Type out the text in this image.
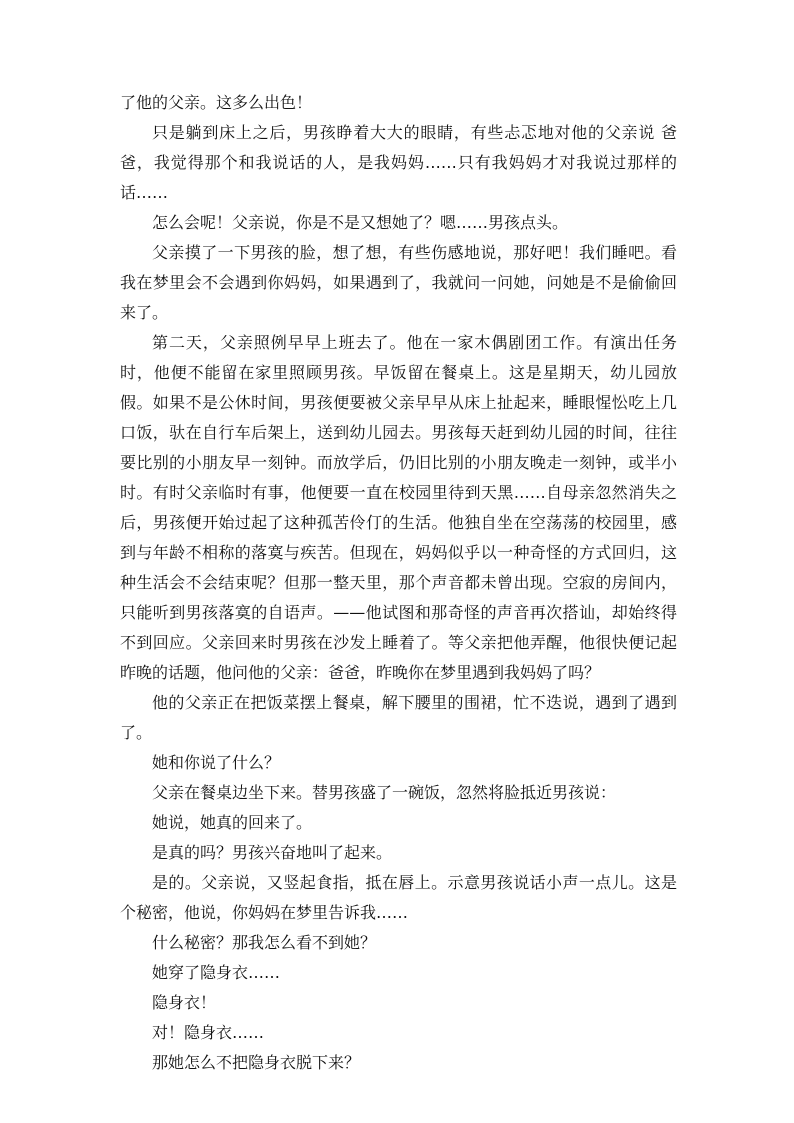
了他的父亲。这多么出色！

只是躺到床上之后，男孩睁着大大的眼睛，有些忐忑地对他的父亲说 爸爸，我觉得那个和我说话的人，是我妈妈……只有我妈妈才对我说过那样的话……

怎么会呢！父亲说，你是不是又想她了？嗯……男孩点头。

父亲摸了一下男孩的脸，想了想，有些伤感地说，那好吧！我们睡吧。看我在梦里会不会遇到你妈妈，如果遇到了，我就问一问她，问她是不是偷偷回来了。

第二天，父亲照例早早上班去了。他在一家木偶剧团工作。有演出任务时，他便不能留在家里照顾男孩。早饭留在餐桌上。这是星期天，幼儿园放假。如果不是公休时间，男孩便要被父亲早早从床上扯起来，睡眼惺忪吃上几口饭，驮在自行车后架上，送到幼儿园去。男孩每天赶到幼儿园的时间，往往要比别的小朋友早一刻钟。而放学后，仍旧比别的小朋友晚走一刻钟，或半小时。有时父亲临时有事，他便要一直在校园里待到天黑……自母亲忽然消失之后，男孩便开始过起了这种孤苦伶仃的生活。他独自坐在空荡荡的校园里，感到与年龄不相称的落寞与疾苦。但现在，妈妈似乎以一种奇怪的方式回归，这种生活会不会结束呢？但那一整天里，那个声音都未曾出现。空寂的房间内，只能听到男孩落寞的自语声。——他试图和那奇怪的声音再次搭讪，却始终得不到回应。父亲回来时男孩在沙发上睡着了。等父亲把他弄醒，他很快便记起昨晚的话题，他问他的父亲：爸爸，昨晚你在梦里遇到我妈妈了吗？

他的父亲正在把饭菜摆上餐桌，解下腰里的围裙，忙不迭说，遇到了遇到了。

她和你说了什么？

父亲在餐桌边坐下来。替男孩盛了一碗饭，忽然将脸抵近男孩说：

她说，她真的回来了。

是真的吗？男孩兴奋地叫了起来。

是的。父亲说，又竖起食指，抵在唇上。示意男孩说话小声一点儿。这是个秘密，他说，你妈妈在梦里告诉我……

什么秘密？那我怎么看不到她？

她穿了隐身衣……

隐身衣！

对！隐身衣……

那她怎么不把隐身衣脱下来？
